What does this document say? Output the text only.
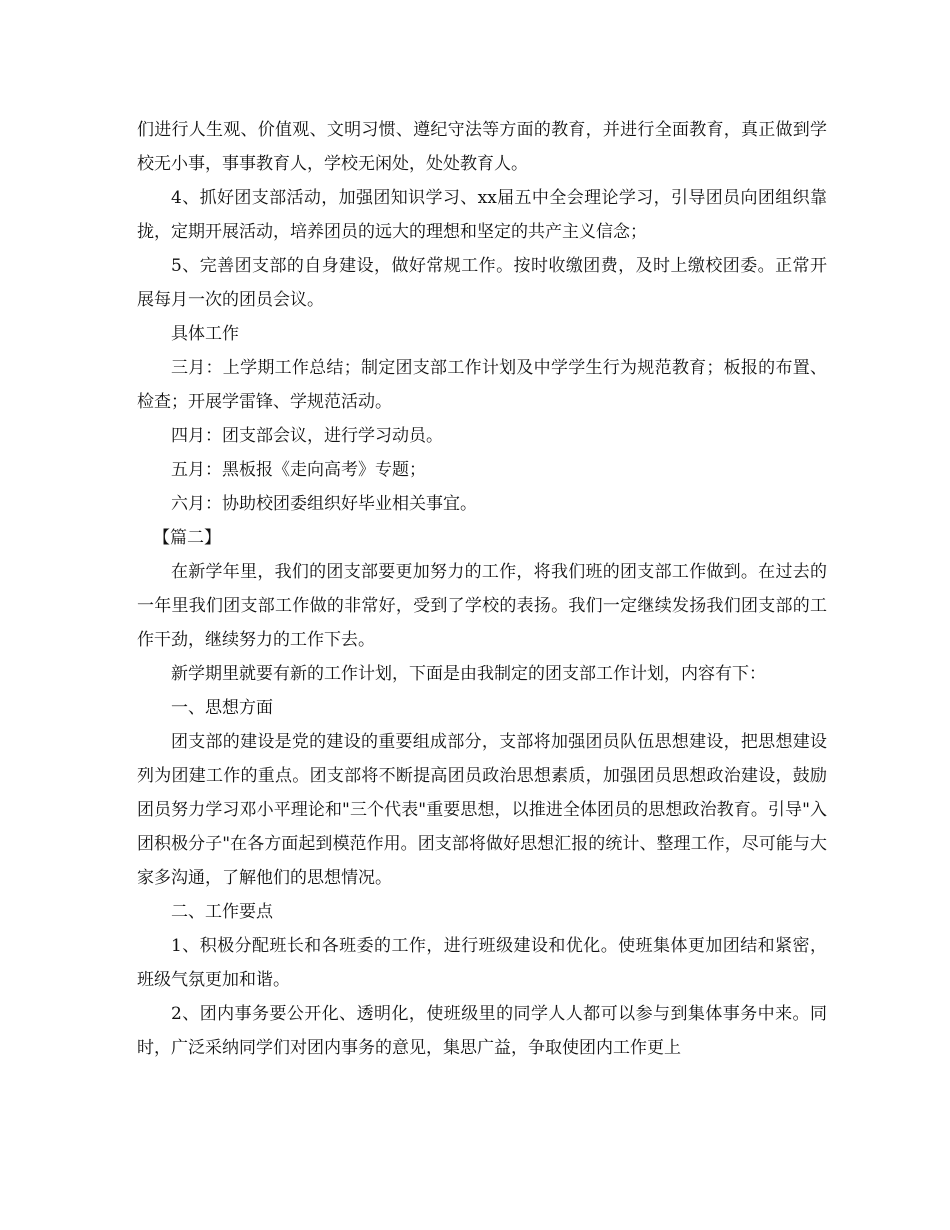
们进行人生观、价值观、文明习惯、遵纪守法等方面的教育，并进行全面教育，真正做到学校无小事，事事教育人，学校无闲处，处处教育人。

4、抓好团支部活动，加强团知识学习、xx届五中全会理论学习，引导团员向团组织靠拢，定期开展活动，培养团员的远大的理想和坚定的共产主义信念；

5、完善团支部的自身建设，做好常规工作。按时收缴团费，及时上缴校团委。正常开展每月一次的团员会议。

具体工作

三月：上学期工作总结；制定团支部工作计划及中学学生行为规范教育；板报的布置、检查；开展学雷锋、学规范活动。

四月：团支部会议，进行学习动员。

五月：黑板报《走向高考》专题；

六月：协助校团委组织好毕业相关事宜。

【篇二】

在新学年里，我们的团支部要更加努力的工作，将我们班的团支部工作做到。在过去的一年里我们团支部工作做的非常好，受到了学校的表扬。我们一定继续发扬我们团支部的工作干劲，继续努力的工作下去。

新学期里就要有新的工作计划，下面是由我制定的团支部工作计划，内容有下：

一、思想方面

团支部的建设是党的建设的重要组成部分，支部将加强团员队伍思想建设，把思想建设列为团建工作的重点。团支部将不断提高团员政治思想素质，加强团员思想政治建设，鼓励团员努力学习邓小平理论和"三个代表"重要思想，以推进全体团员的思想政治教育。引导"入团积极分子"在各方面起到模范作用。团支部将做好思想汇报的统计、整理工作，尽可能与大家多沟通，了解他们的思想情况。

二、工作要点

1、积极分配班长和各班委的工作，进行班级建设和优化。使班集体更加团结和紧密，班级气氛更加和谐。

2、团内事务要公开化、透明化，使班级里的同学人人都可以参与到集体事务中来。同时，广泛采纳同学们对团内事务的意见，集思广益，争取使团内工作更上
